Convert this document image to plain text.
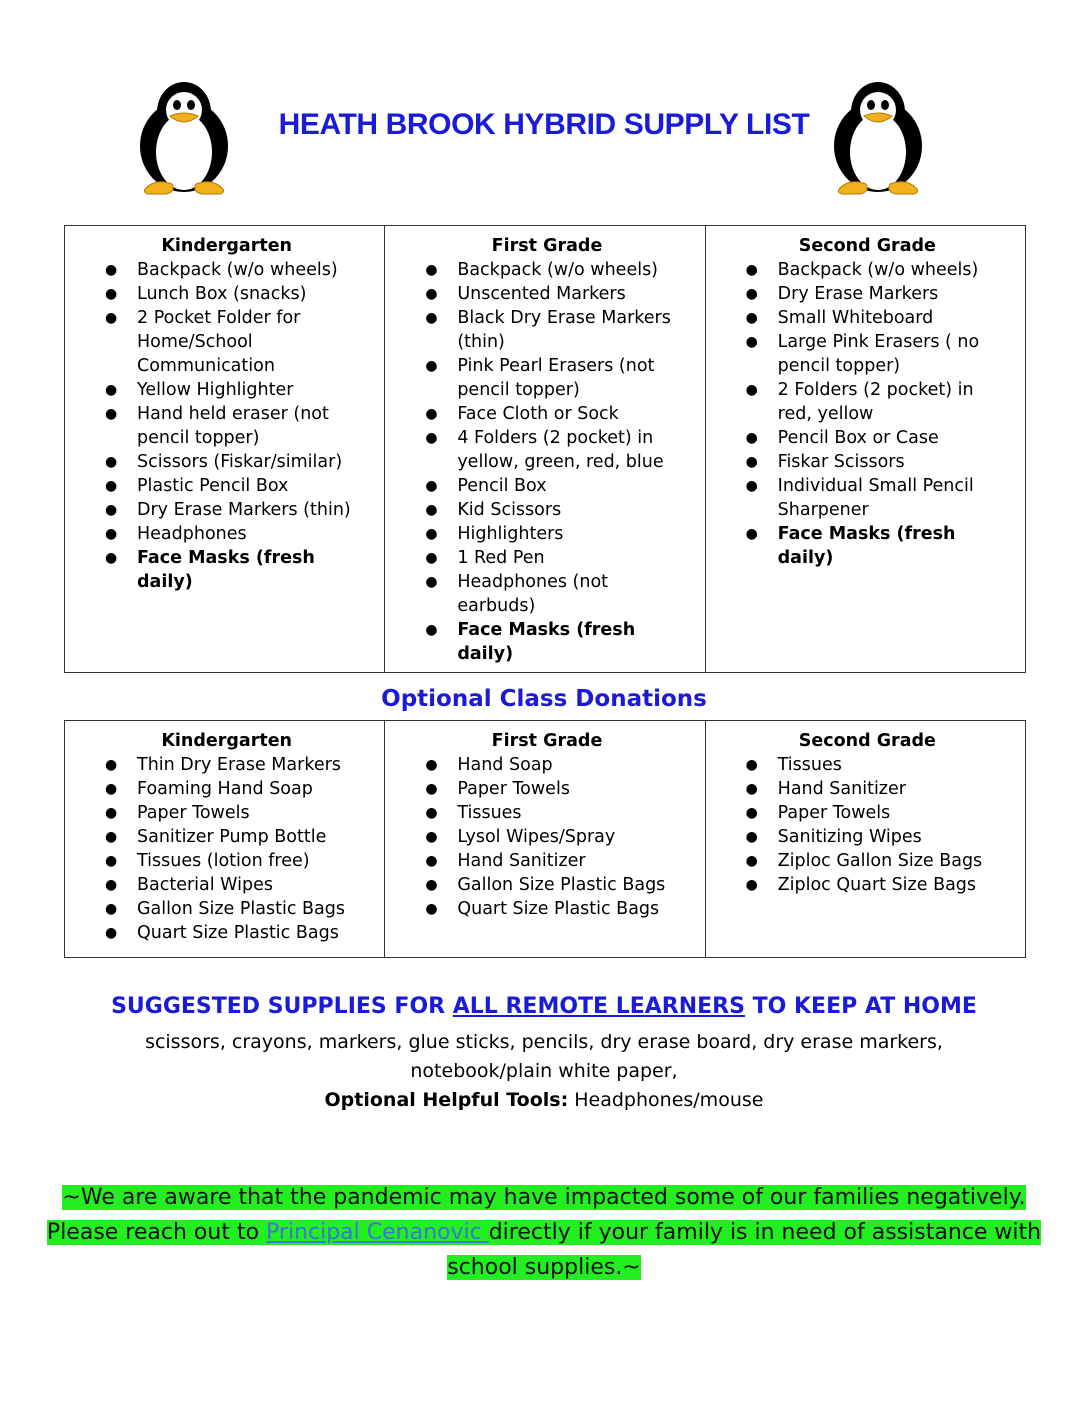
HEATH BROOK HYBRID SUPPLY LIST
Kindergarten
● Backpack (w/o wheels)
● Lunch Box (snacks)
● 2 Pocket Folder for Home/School Communication
● Yellow Highlighter
● Hand held eraser (not pencil topper)
● Scissors (Fiskar/similar)
● Plastic Pencil Box
● Dry Erase Markers (thin)
● Headphones
● Face Masks (fresh daily)

First Grade
● Backpack (w/o wheels)
● Unscented Markers
● Black Dry Erase Markers (thin)
● Pink Pearl Erasers (not pencil topper)
● Face Cloth or Sock
● 4 Folders (2 pocket) in yellow, green, red, blue
● Pencil Box
● Kid Scissors
● Highlighters
● 1 Red Pen
● Headphones (not earbuds)
● Face Masks (fresh daily)

Second Grade
● Backpack (w/o wheels)
● Dry Erase Markers
● Small Whiteboard
● Large Pink Erasers ( no pencil topper)
● 2 Folders (2 pocket) in red, yellow
● Pencil Box or Case
● Fiskar Scissors
● Individual Small Pencil Sharpener
● Face Masks (fresh daily)
Optional Class Donations
Kindergarten
● Thin Dry Erase Markers
● Foaming Hand Soap
● Paper Towels
● Sanitizer Pump Bottle
● Tissues (lotion free)
● Bacterial Wipes
● Gallon Size Plastic Bags
● Quart Size Plastic Bags

First Grade
● Hand Soap
● Paper Towels
● Tissues
● Lysol Wipes/Spray
● Hand Sanitizer
● Gallon Size Plastic Bags
● Quart Size Plastic Bags

Second Grade
● Tissues
● Hand Sanitizer
● Paper Towels
● Sanitizing Wipes
● Ziploc Gallon Size Bags
● Ziploc Quart Size Bags
SUGGESTED SUPPLIES FOR ALL REMOTE LEARNERS TO KEEP AT HOME
scissors, crayons, markers, glue sticks, pencils, dry erase board, dry erase markers, notebook/plain white paper,
Optional Helpful Tools: Headphones/mouse
~We are aware that the pandemic may have impacted some of our families negatively. Please reach out to Principal Cenanovic directly if your family is in need of assistance with school supplies.~
